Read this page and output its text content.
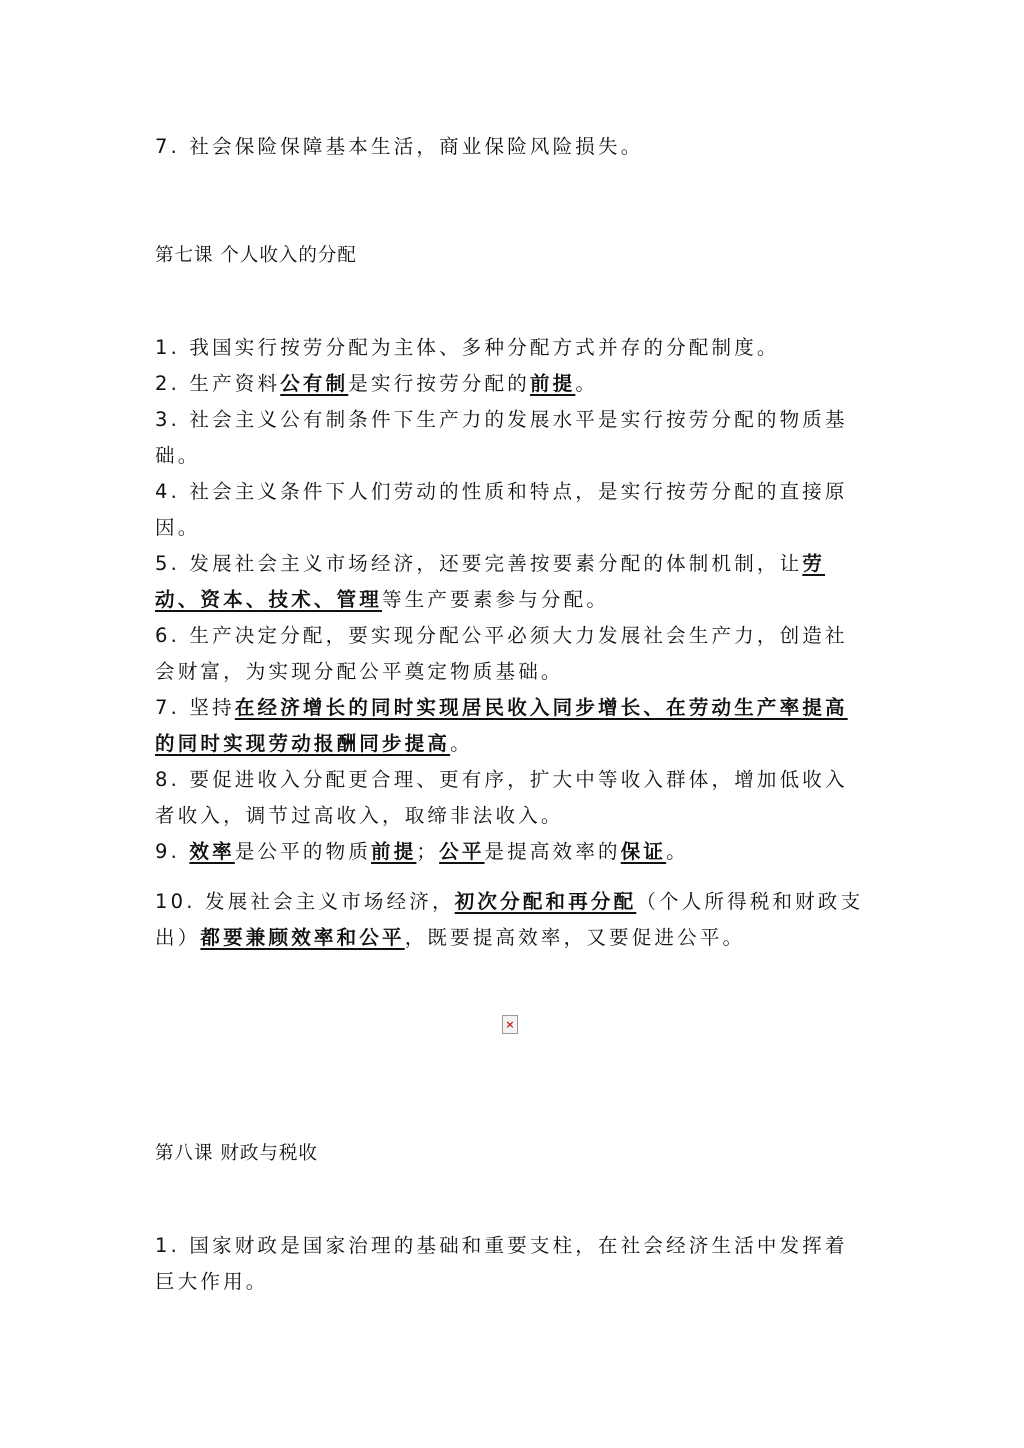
7. 社会保险保障基本生活，商业保险风险损失。

第七课 个人收入的分配

1. 我国实行按劳分配为主体、多种分配方式并存的分配制度。

2. 生产资料公有制是实行按劳分配的前提。

3. 社会主义公有制条件下生产力的发展水平是实行按劳分配的物质基础。

4. 社会主义条件下人们劳动的性质和特点，是实行按劳分配的直接原因。

5. 发展社会主义市场经济，还要完善按要素分配的体制机制，让劳动、资本、技术、管理等生产要素参与分配。

6. 生产决定分配，要实现分配公平必须大力发展社会生产力，创造社会财富，为实现分配公平奠定物质基础。

7. 坚持在经济增长的同时实现居民收入同步增长、在劳动生产率提高的同时实现劳动报酬同步提高。

8. 要促进收入分配更合理、更有序，扩大中等收入群体，增加低收入者收入，调节过高收入，取缔非法收入。

9. 效率是公平的物质前提；公平是提高效率的保证。

10. 发展社会主义市场经济，初次分配和再分配（个人所得税和财政支出）都要兼顾效率和公平，既要提高效率，又要促进公平。

×
第八课 财政与税收

1. 国家财政是国家治理的基础和重要支柱，在社会经济生活中发挥着巨大作用。
